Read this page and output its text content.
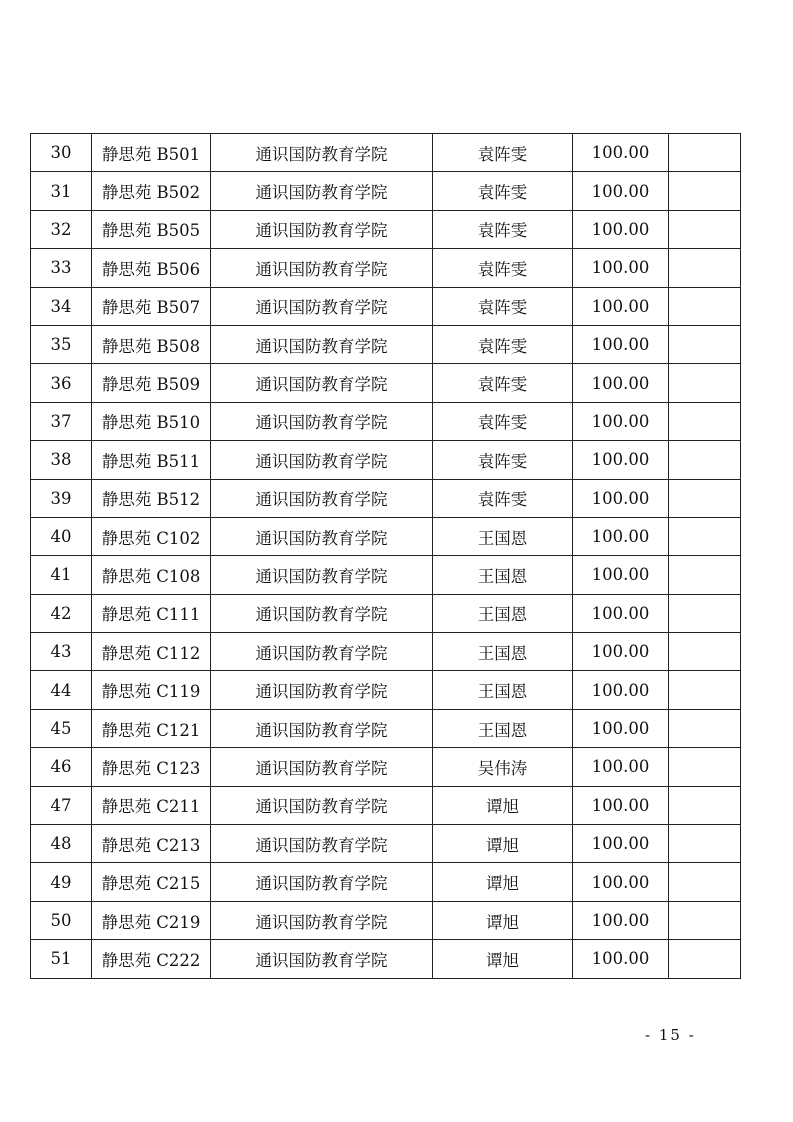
30	静思苑 B501	通识国防教育学院	袁阵雯	100.00	
31	静思苑 B502	通识国防教育学院	袁阵雯	100.00	
32	静思苑 B505	通识国防教育学院	袁阵雯	100.00	
33	静思苑 B506	通识国防教育学院	袁阵雯	100.00	
34	静思苑 B507	通识国防教育学院	袁阵雯	100.00	
35	静思苑 B508	通识国防教育学院	袁阵雯	100.00	
36	静思苑 B509	通识国防教育学院	袁阵雯	100.00	
37	静思苑 B510	通识国防教育学院	袁阵雯	100.00	
38	静思苑 B511	通识国防教育学院	袁阵雯	100.00	
39	静思苑 B512	通识国防教育学院	袁阵雯	100.00	
40	静思苑 C102	通识国防教育学院	王国恩	100.00	
41	静思苑 C108	通识国防教育学院	王国恩	100.00	
42	静思苑 C111	通识国防教育学院	王国恩	100.00	
43	静思苑 C112	通识国防教育学院	王国恩	100.00	
44	静思苑 C119	通识国防教育学院	王国恩	100.00	
45	静思苑 C121	通识国防教育学院	王国恩	100.00	
46	静思苑 C123	通识国防教育学院	吴伟涛	100.00	
47	静思苑 C211	通识国防教育学院	谭旭	100.00	
48	静思苑 C213	通识国防教育学院	谭旭	100.00	
49	静思苑 C215	通识国防教育学院	谭旭	100.00	
50	静思苑 C219	通识国防教育学院	谭旭	100.00	
51	静思苑 C222	通识国防教育学院	谭旭	100.00	
- 15 -
